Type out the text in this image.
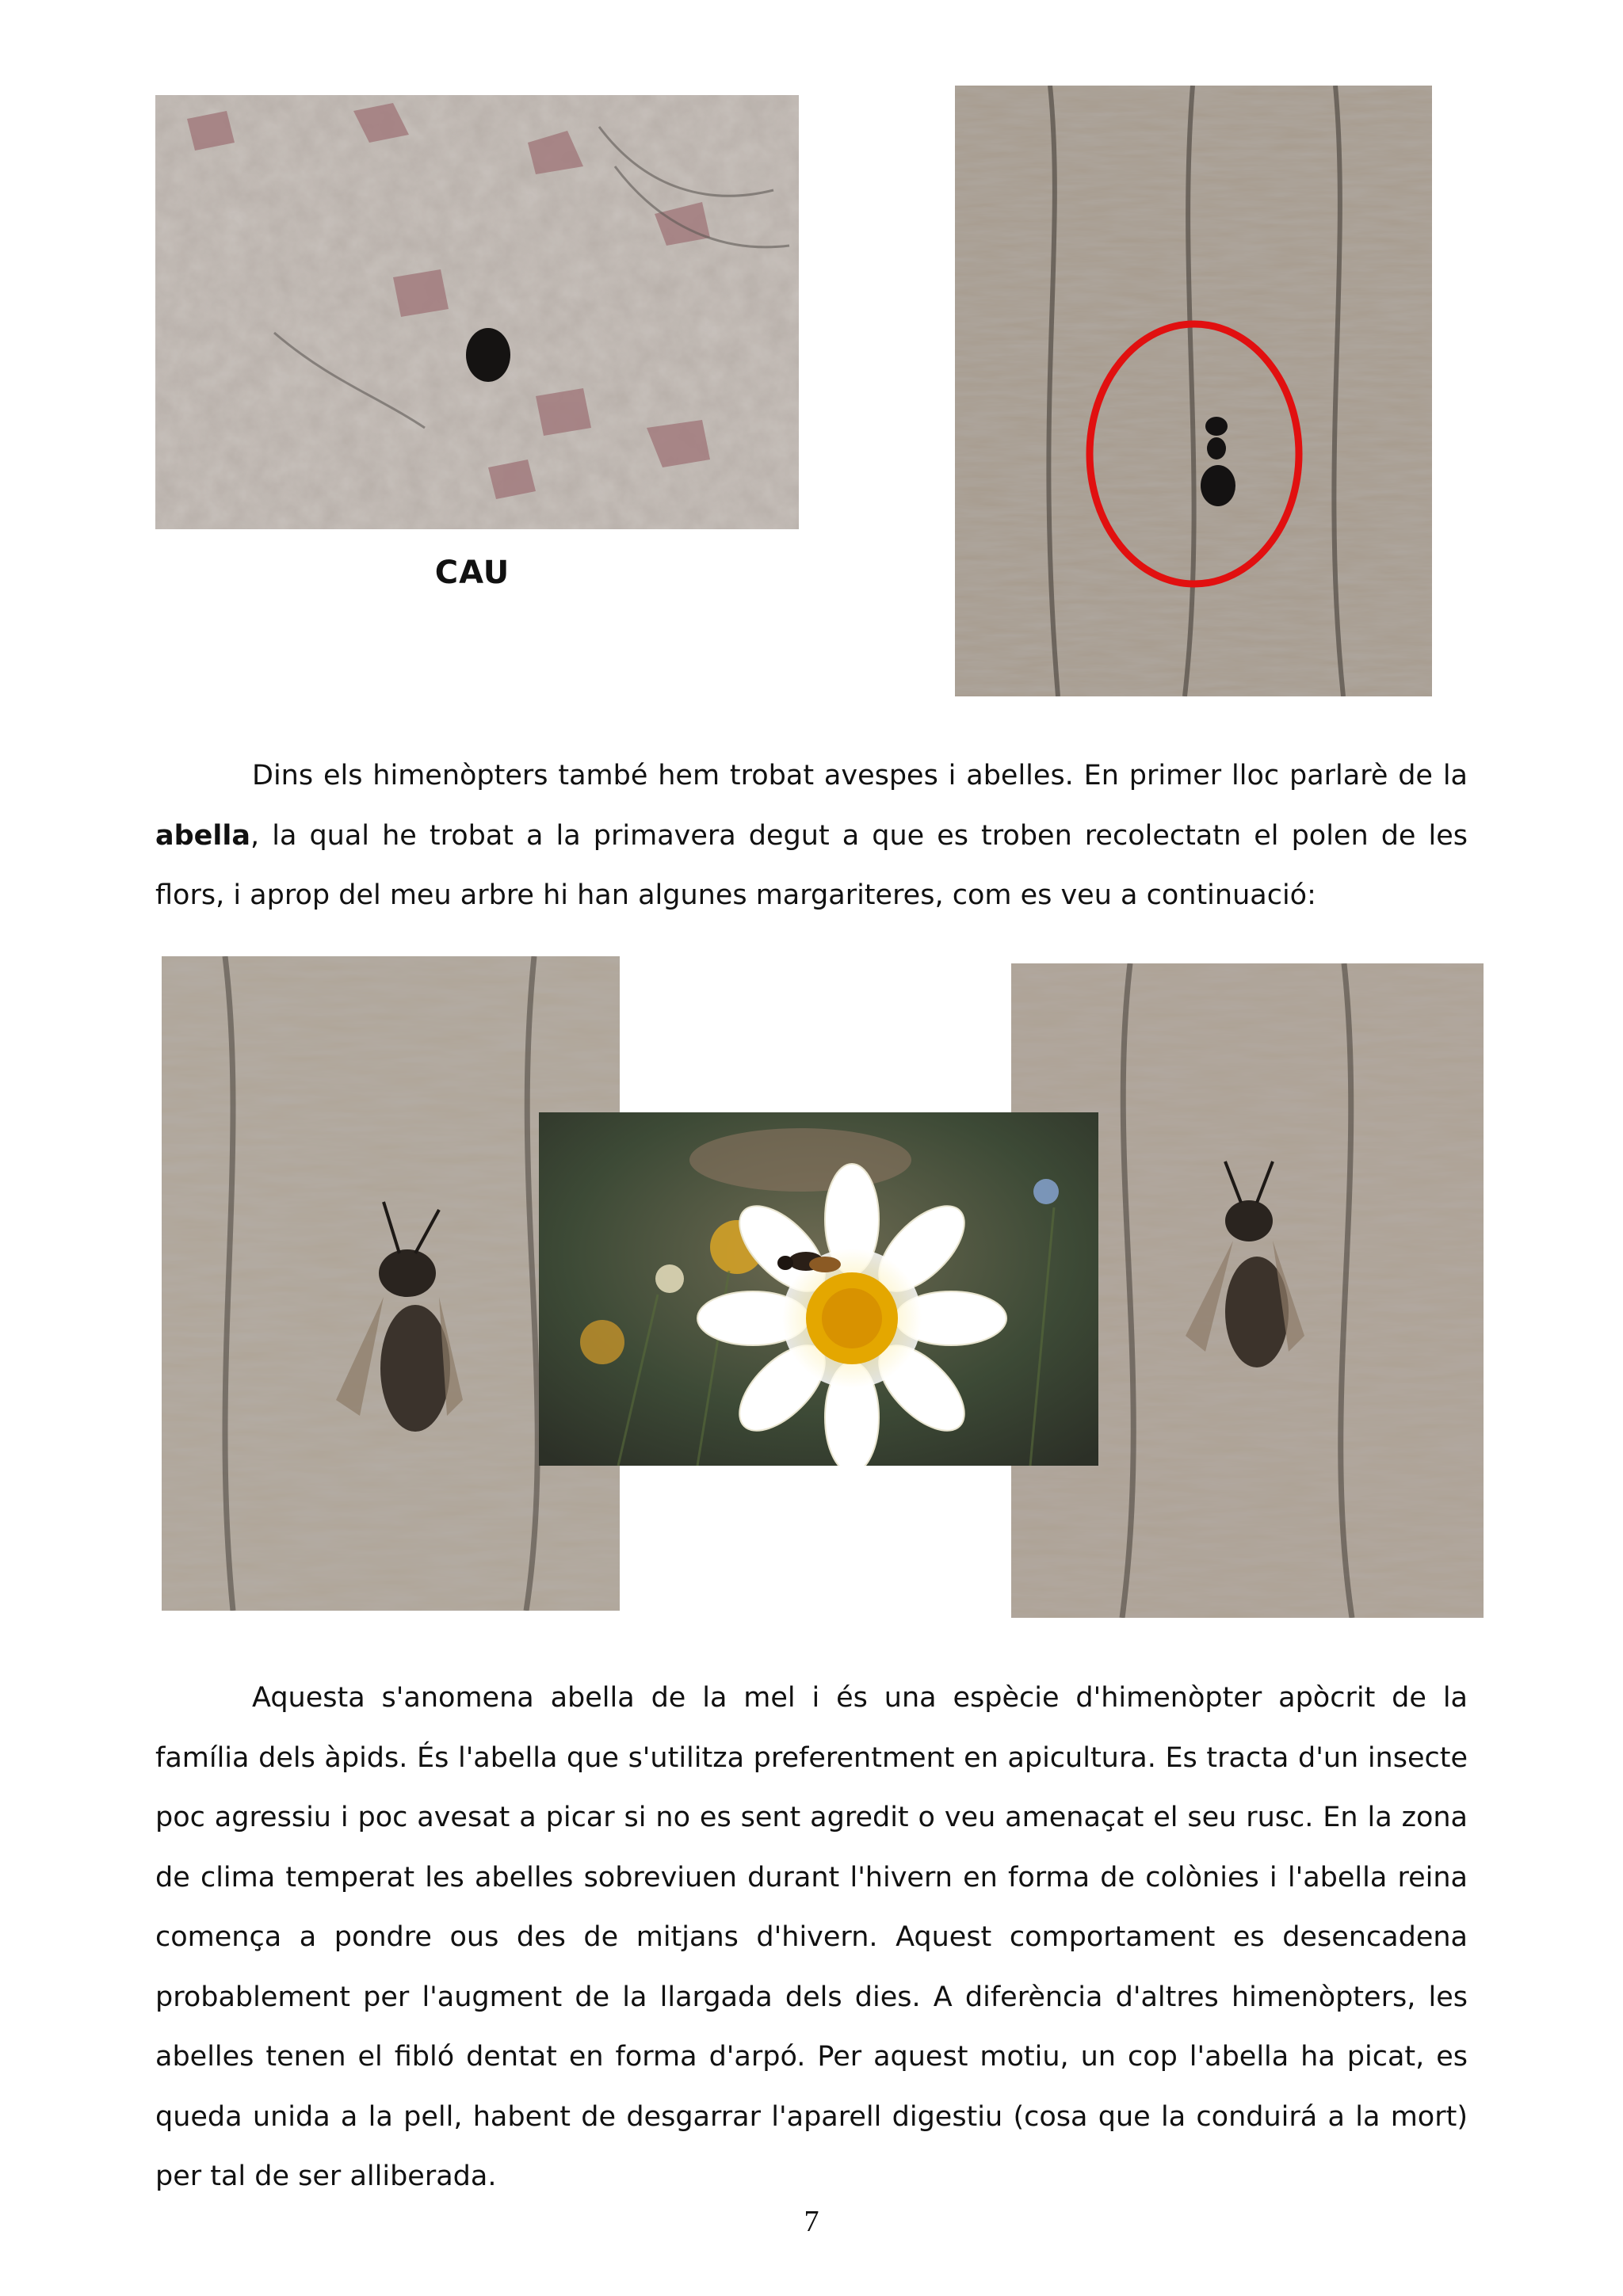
CAU

Dins els himenòpters també hem trobat avespes i abelles. En primer lloc parlarè de la abella, la qual he trobat a la primavera degut a que es troben recolectatn el polen de les flors, i aprop del meu arbre hi han algunes margariteres, com es veu a continuació:

Aquesta s'anomena abella de la mel i és una espècie d'himenòpter apòcrit de la família dels àpids. És l'abella que s'utilitza preferentment en apicultura. Es tracta d'un insecte poc agressiu i poc avesat a picar si no es sent agredit o veu amenaçat el seu rusc. En la zona de clima temperat les abelles sobreviuen durant l'hivern en forma de colònies i l'abella reina comença a pondre ous des de mitjans d'hivern. Aquest comportament es desencadena probablement per l'augment de la llargada dels dies. A diferència d'altres himenòpters, les abelles tenen el fibló dentat en forma d'arpó. Per aquest motiu, un cop l'abella ha picat, es queda unida a la pell, habent de desgarrar l'aparell digestiu (cosa que la conduirá a la mort) per tal de ser alliberada.

7
